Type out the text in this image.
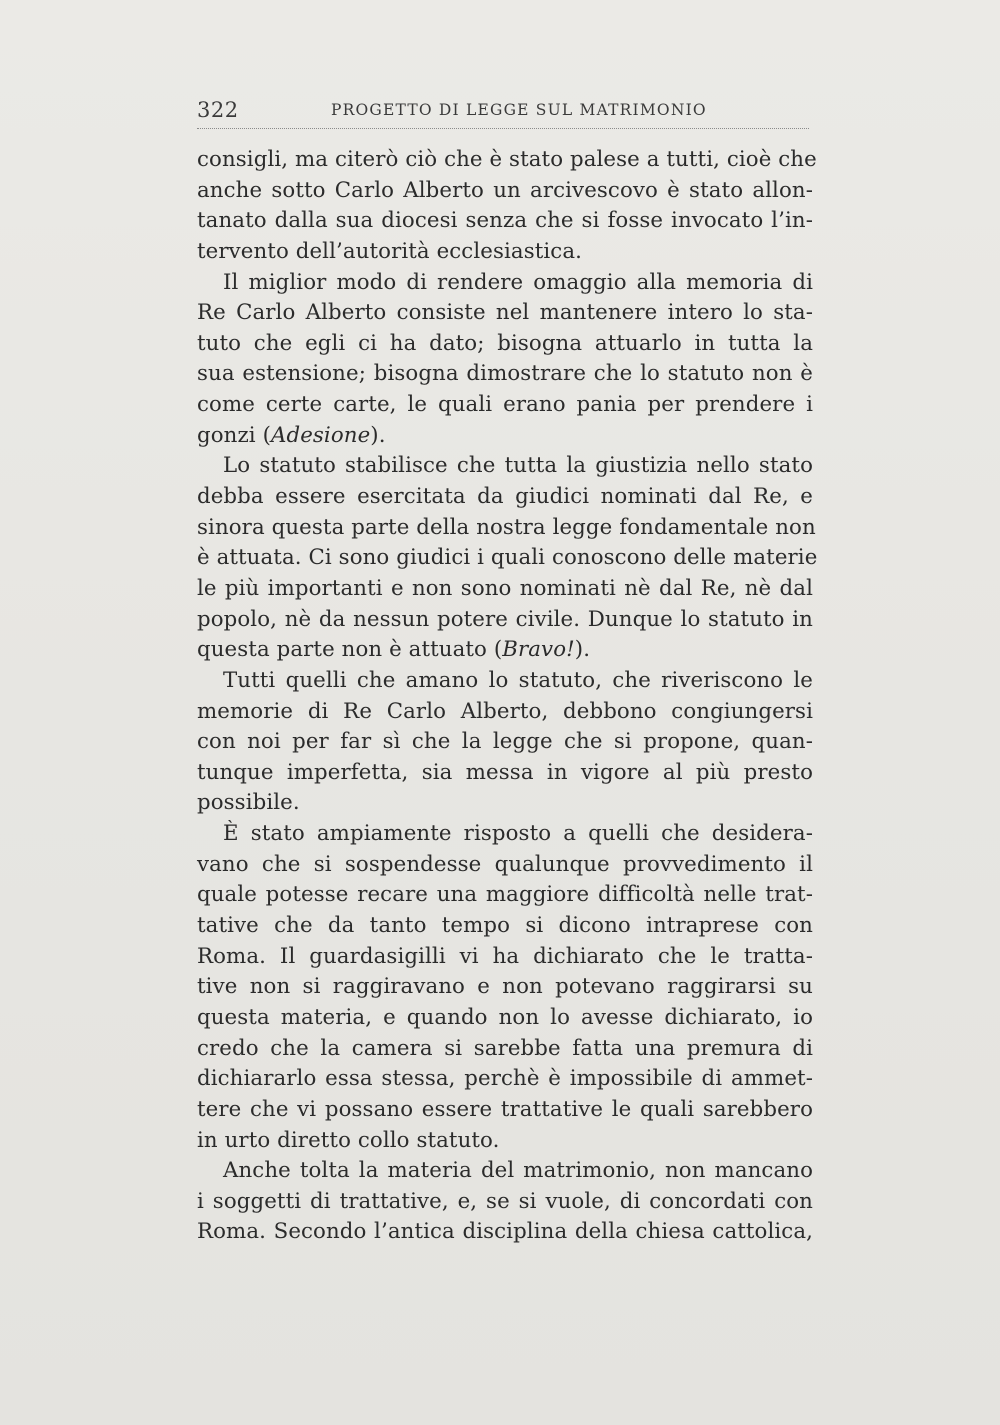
322	PROGETTO DI LEGGE SUL MATRIMONIO
consigli, ma citerò ciò che è stato palese a tutti, cioè che
anche sotto Carlo Alberto un arcivescovo è stato allon-
tanato dalla sua diocesi senza che si fosse invocato l’in-
tervento dell’autorità ecclesiastica.
Il miglior modo di rendere omaggio alla memoria di
Re Carlo Alberto consiste nel mantenere intero lo sta-
tuto che egli ci ha dato; bisogna attuarlo in tutta la
sua estensione; bisogna dimostrare che lo statuto non è
come certe carte, le quali erano pania per prendere i
gonzi (Adesione).
Lo statuto stabilisce che tutta la giustizia nello stato
debba essere esercitata da giudici nominati dal Re, e
sinora questa parte della nostra legge fondamentale non
è attuata. Ci sono giudici i quali conoscono delle materie
le più importanti e non sono nominati nè dal Re, nè dal
popolo, nè da nessun potere civile. Dunque lo statuto in
questa parte non è attuato (Bravo!).
Tutti quelli che amano lo statuto, che riveriscono le
memorie di Re Carlo Alberto, debbono congiungersi
con noi per far sì che la legge che si propone, quan-
tunque imperfetta, sia messa in vigore al più presto
possibile.
È stato ampiamente risposto a quelli che desidera-
vano che si sospendesse qualunque provvedimento il
quale potesse recare una maggiore difficoltà nelle trat-
tative che da tanto tempo si dicono intraprese con
Roma. Il guardasigilli vi ha dichiarato che le tratta-
tive non si raggiravano e non potevano raggirarsi su
questa materia, e quando non lo avesse dichiarato, io
credo che la camera si sarebbe fatta una premura di
dichiararlo essa stessa, perchè è impossibile di ammet-
tere che vi possano essere trattative le quali sarebbero
in urto diretto collo statuto.
Anche tolta la materia del matrimonio, non mancano
i soggetti di trattative, e, se si vuole, di concordati con
Roma. Secondo l’antica disciplina della chiesa cattolica,
